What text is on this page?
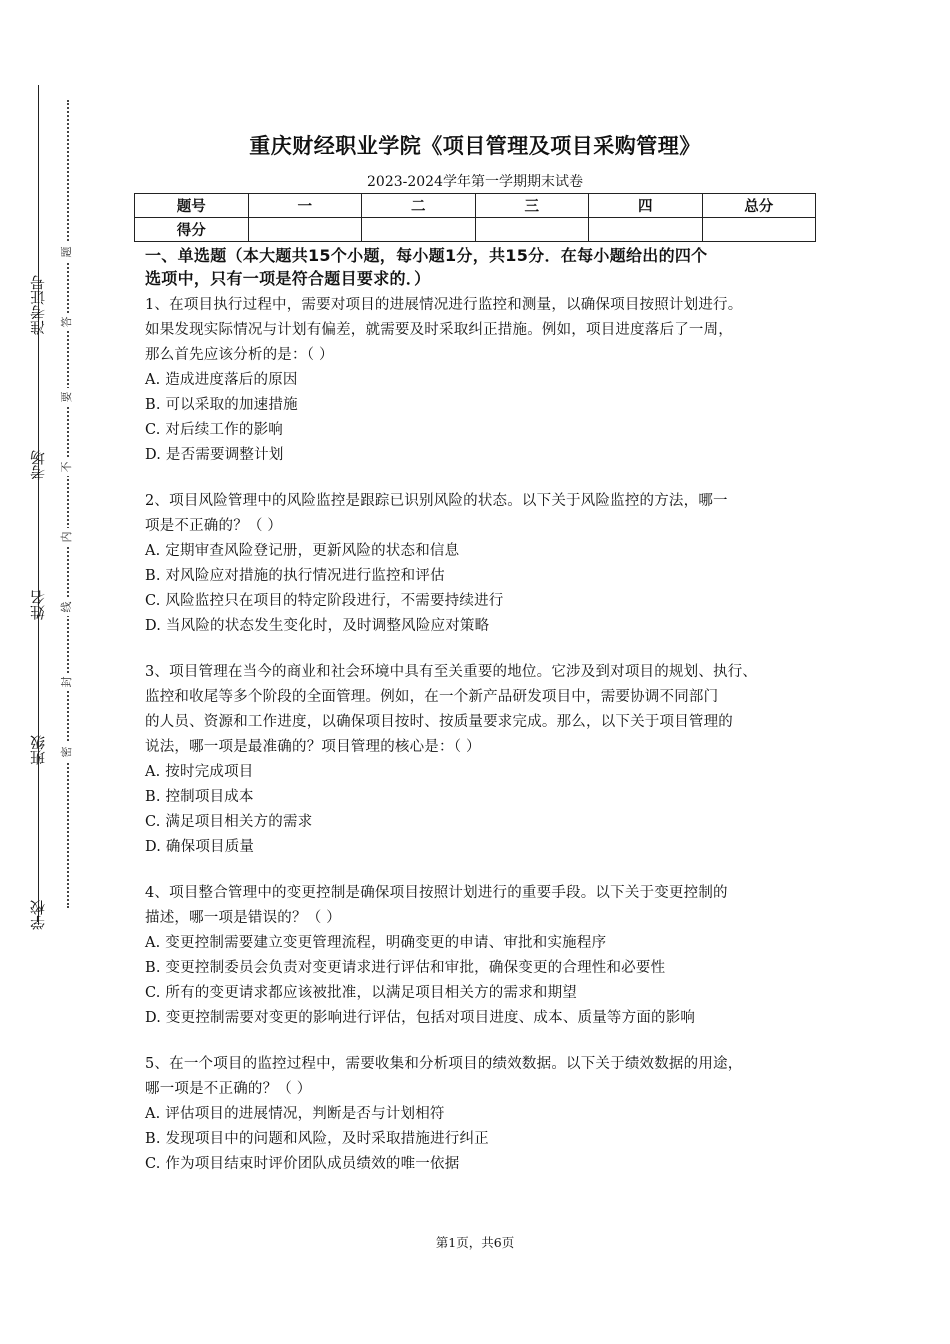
准考证号
考场
姓名
班级
学校
题
答
要
不
内
线
封
密
重庆财经职业学院《项目管理及项目采购管理》
2023-2024学年第一学期期末试卷
题号	一	二	三	四	总分
得分					
一、单选题（本大题共15个小题，每小题1分，共15分．在每小题给出的四个
选项中，只有一项是符合题目要求的．）

1、在项目执行过程中，需要对项目的进展情况进行监控和测量，以确保项目按照计划进行。

如果发现实际情况与计划有偏差，就需要及时采取纠正措施。例如，项目进度落后了一周，

那么首先应该分析的是：（ ）

A. 造成进度落后的原因

B. 可以采取的加速措施

C. 对后续工作的影响

D. 是否需要调整计划

2、项目风险管理中的风险监控是跟踪已识别风险的状态。以下关于风险监控的方法，哪一

项是不正确的？（ ）

A. 定期审查风险登记册，更新风险的状态和信息

B. 对风险应对措施的执行情况进行监控和评估

C. 风险监控只在项目的特定阶段进行，不需要持续进行

D. 当风险的状态发生变化时，及时调整风险应对策略

3、项目管理在当今的商业和社会环境中具有至关重要的地位。它涉及到对项目的规划、执行、

监控和收尾等多个阶段的全面管理。例如，在一个新产品研发项目中，需要协调不同部门

的人员、资源和工作进度，以确保项目按时、按质量要求完成。那么，以下关于项目管理的

说法，哪一项是最准确的？项目管理的核心是：（ ）

A. 按时完成项目

B. 控制项目成本

C. 满足项目相关方的需求

D. 确保项目质量

4、项目整合管理中的变更控制是确保项目按照计划进行的重要手段。以下关于变更控制的

描述，哪一项是错误的？（ ）

A. 变更控制需要建立变更管理流程，明确变更的申请、审批和实施程序

B. 变更控制委员会负责对变更请求进行评估和审批，确保变更的合理性和必要性

C. 所有的变更请求都应该被批准，以满足项目相关方的需求和期望

D. 变更控制需要对变更的影响进行评估，包括对项目进度、成本、质量等方面的影响

5、在一个项目的监控过程中，需要收集和分析项目的绩效数据。以下关于绩效数据的用途，

哪一项是不正确的？（ ）

A. 评估项目的进展情况，判断是否与计划相符

B. 发现项目中的问题和风险，及时采取措施进行纠正

C. 作为项目结束时评价团队成员绩效的唯一依据

第1页，共6页
